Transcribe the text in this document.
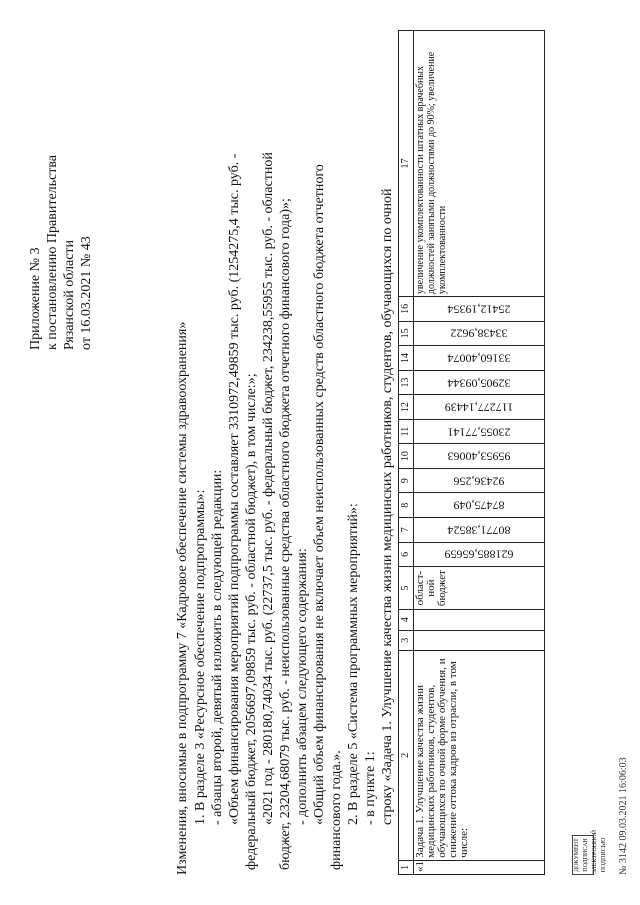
Приложение № 3 к постановлению Правительства Рязанской области от 16.03.2021 № 43
Изменения, вносимые в подпрограмму 7 «Кадровое обеспечение системы здравоохранения» 1. В разделе 3 «Ресурсное обеспечение подпрограммы»: - абзацы второй, девятый изложить в следующей редакции: «Объем финансирования мероприятий подпрограммы составляет 3310972,49859 тыс. руб. (1254275,4 тыс. руб. - федеральный бюджет, 2056697,09859 тыс. руб. - областной бюджет), в том числе:»; «2021 год - 280180,74034 тыс. руб. (22737,5 тыс. руб. - федеральный бюджет, 234238,55955 тыс. руб. - областной бюджет, 23204,68079 тыс. руб. - неиспользованные средства областного бюджета отчетного финансового года)»; - дополнить абзацем следующего содержания: «Общий объем финансирования не включает объем неиспользованных средств областного бюджета отчетного финансового года.». 2. В разделе 5 «Система программных мероприятий»: - в пункте 1: строку «Задача 1. Улучшение качества жизни медицинских работников, студентов, обучающихся по очной
1	2	3	4	5	6	7	8	9	10	11	12	13	14	15	16	17
«1	Задача 1. Улучшение качества жизни медицинских работников, студентов, обучающихся по очной форме обучения, и снижение оттока кадров из отрасли, в том числе:			област-ной бюджет	621885,65659	80771,38524	87475,049	92436,256	95953,40063	23055,77141	117277,14439	32905,09344	33160,40074	33438,9622	25412,19354	увеличение укомплектованности штатных врачебных должностей занятыми должностями до 90%; увеличение укомплектованности
ДОКУМЕНТ ПОДПИСАН ЭЛЕКТРОННОЙ ПОДПИСЬЮ № 3142 09.03.2021 16:06:03
